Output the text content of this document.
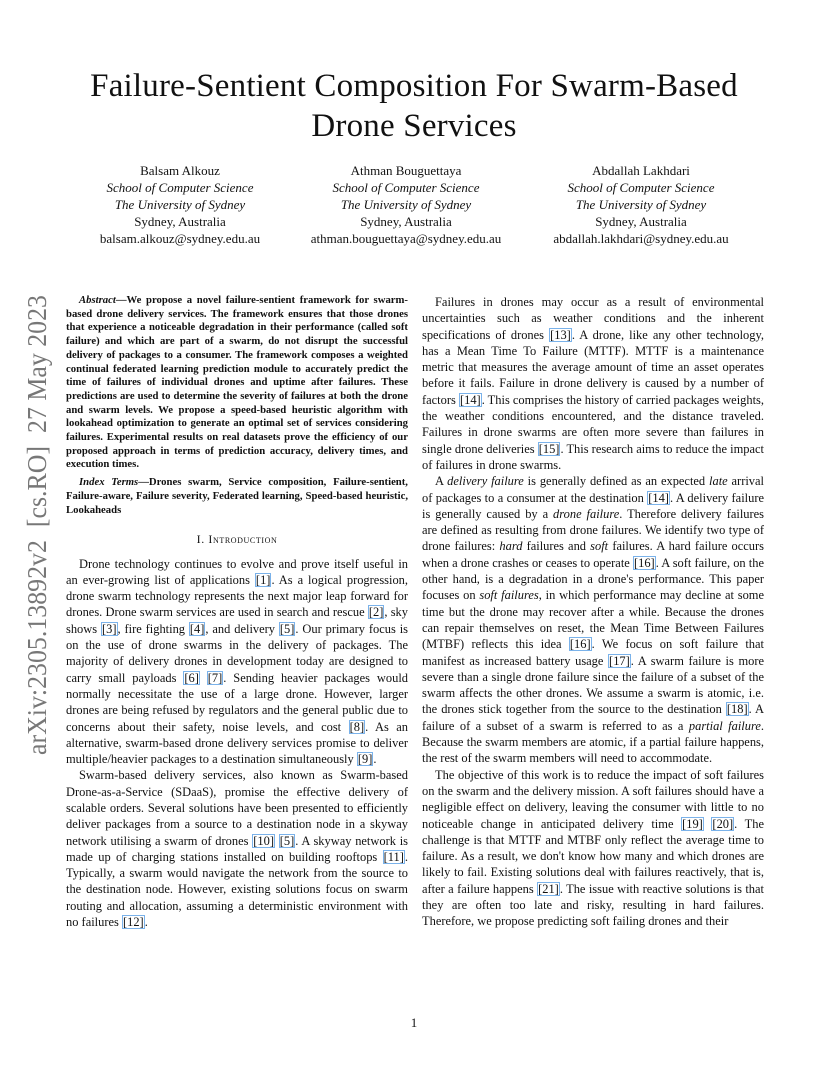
arXiv:2305.13892v2  [cs.RO]  27 May 2023
Failure-Sentient Composition For Swarm-Based
Drone Services
Balsam Alkouz
School of Computer Science
The University of Sydney
Sydney, Australia
balsam.alkouz@sydney.edu.au
Athman Bouguettaya
School of Computer Science
The University of Sydney
Sydney, Australia
athman.bouguettaya@sydney.edu.au
Abdallah Lakhdari
School of Computer Science
The University of Sydney
Sydney, Australia
abdallah.lakhdari@sydney.edu.au

Abstract—We propose a novel failure-sentient framework for swarm-based drone delivery services. The framework ensures that those drones that experience a noticeable degradation in their performance (called soft failure) and which are part of a swarm, do not disrupt the successful delivery of packages to a consumer. The framework composes a weighted continual federated learning prediction module to accurately predict the time of failures of individual drones and uptime after failures. These predictions are used to determine the severity of failures at both the drone and swarm levels. We propose a speed-based heuristic algorithm with lookahead optimization to generate an optimal set of services considering failures. Experimental results on real datasets prove the efficiency of our proposed approach in terms of prediction accuracy, delivery times, and execution times.

Index Terms—Drones swarm, Service composition, Failure-sentient, Failure-aware, Failure severity, Federated learning, Speed-based heuristic, Lookaheads

I. Introduction

Drone technology continues to evolve and prove itself useful in an ever-growing list of applications [1]. As a logical progression, drone swarm technology represents the next major leap forward for drones. Drone swarm services are used in search and rescue [2], sky shows [3], fire fighting [4], and delivery [5]. Our primary focus is on the use of drone swarms in the delivery of packages. The majority of delivery drones in development today are designed to carry small payloads [6] [7]. Sending heavier packages would normally necessitate the use of a large drone. However, larger drones are being refused by regulators and the general public due to concerns about their safety, noise levels, and cost [8]. As an alternative, swarm-based drone delivery services promise to deliver multiple/heavier packages to a destination simultaneously [9].

Swarm-based delivery services, also known as Swarm-based Drone-as-a-Service (SDaaS), promise the effective delivery of scalable orders. Several solutions have been presented to efficiently deliver packages from a source to a destination node in a skyway network utilising a swarm of drones [10] [5]. A skyway network is made up of charging stations installed on building rooftops [11]. Typically, a swarm would navigate the network from the source to the destination node. However, existing solutions focus on swarm routing and allocation, assuming a deterministic environment with no failures [12].

Failures in drones may occur as a result of environmental uncertainties such as weather conditions and the inherent specifications of drones [13]. A drone, like any other technology, has a Mean Time To Failure (MTTF). MTTF is a maintenance metric that measures the average amount of time an asset operates before it fails. Failure in drone delivery is caused by a number of factors [14]. This comprises the history of carried packages weights, the weather conditions encountered, and the distance traveled. Failures in drone swarms are often more severe than failures in single drone deliveries [15]. This research aims to reduce the impact of failures in drone swarms.

A delivery failure is generally defined as an expected late arrival of packages to a consumer at the destination [14]. A delivery failure is generally caused by a drone failure. Therefore delivery failures are defined as resulting from drone failures. We identify two type of drone failures: hard failures and soft failures. A hard failure occurs when a drone crashes or ceases to operate [16]. A soft failure, on the other hand, is a degradation in a drone's performance. This paper focuses on soft failures, in which performance may decline at some time but the drone may recover after a while. Because the drones can repair themselves on reset, the Mean Time Between Failures (MTBF) reflects this idea [16]. We focus on soft failure that manifest as increased battery usage [17]. A swarm failure is more severe than a single drone failure since the failure of a subset of the swarm affects the other drones. We assume a swarm is atomic, i.e. the drones stick together from the source to the destination [18]. A failure of a subset of a swarm is referred to as a partial failure. Because the swarm members are atomic, if a partial failure happens, the rest of the swarm members will need to accommodate.

The objective of this work is to reduce the impact of soft failures on the swarm and the delivery mission. A soft failures should have a negligible effect on delivery, leaving the consumer with little to no noticeable change in anticipated delivery time [19] [20]. The challenge is that MTTF and MTBF only reflect the average time to failure. As a result, we don't know how many and which drones are likely to fail. Existing solutions deal with failures reactively, that is, after a failure happens [21]. The issue with reactive solutions is that they are often too late and risky, resulting in hard failures. Therefore, we propose predicting soft failing drones and their

1
